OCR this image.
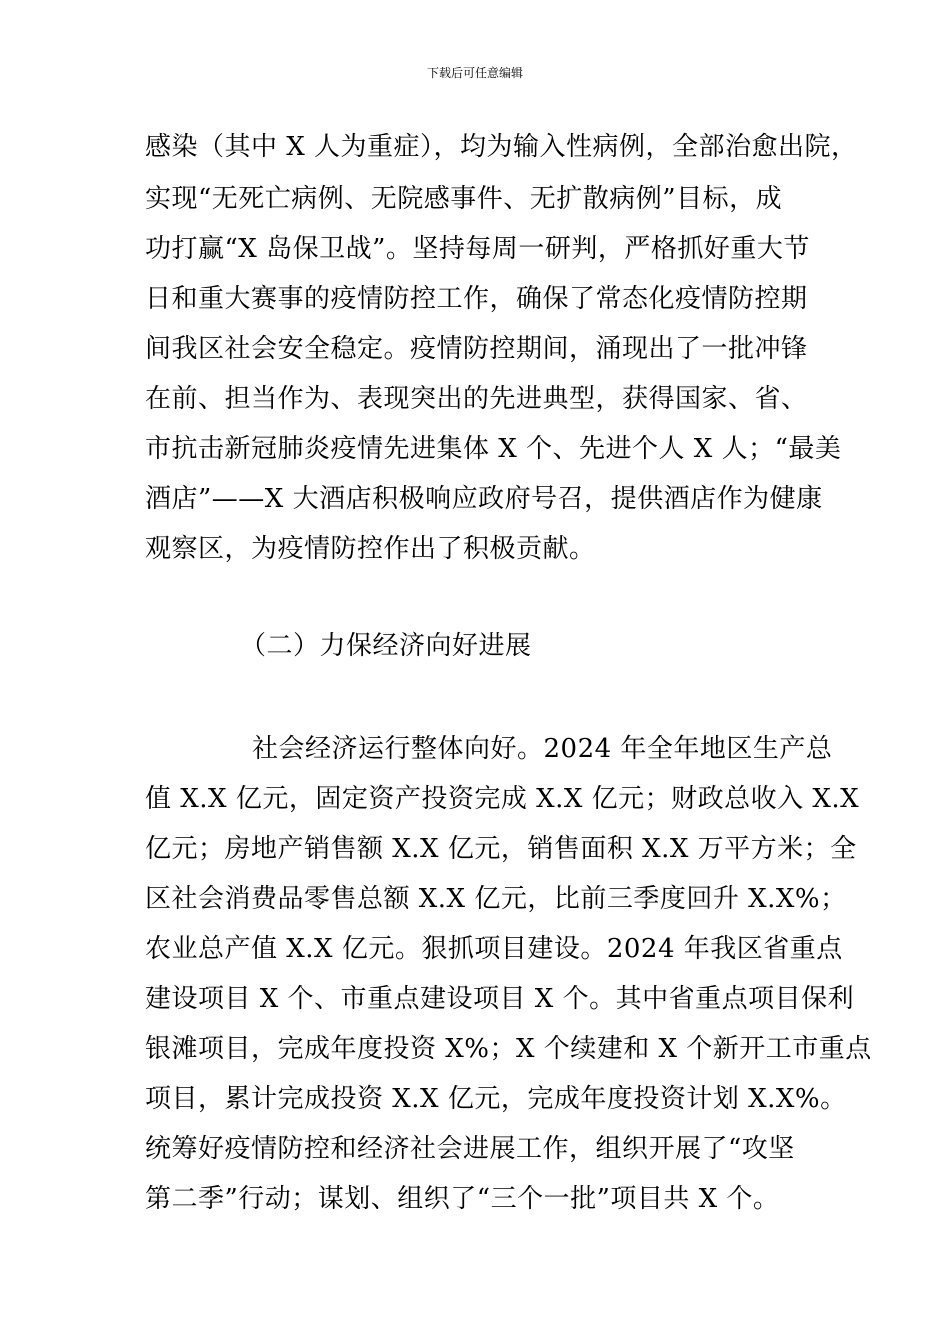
下载后可任意编辑
感染（其中 X 人为重症），均为输入性病例，全部治愈出院，
实现“无死亡病例、无院感事件、无扩散病例”目标，成
功打赢“X 岛保卫战”。坚持每周一研判，严格抓好重大节
日和重大赛事的疫情防控工作，确保了常态化疫情防控期
间我区社会安全稳定。疫情防控期间，涌现出了一批冲锋
在前、担当作为、表现突出的先进典型，获得国家、省、
市抗击新冠肺炎疫情先进集体 X 个、先进个人 X 人；“最美
酒店”——X 大酒店积极响应政府号召，提供酒店作为健康
观察区，为疫情防控作出了积极贡献。
（二）力保经济向好进展
社会经济运行整体向好。2024 年全年地区生产总
值 X.X 亿元，固定资产投资完成 X.X 亿元；财政总收入 X.X
亿元；房地产销售额 X.X 亿元，销售面积 X.X 万平方米；全
区社会消费品零售总额 X.X 亿元，比前三季度回升 X.X%；
农业总产值 X.X 亿元。狠抓项目建设。2024 年我区省重点
建设项目 X 个、市重点建设项目 X 个。其中省重点项目保利
银滩项目，完成年度投资 X%；X 个续建和 X 个新开工市重点
项目，累计完成投资 X.X 亿元，完成年度投资计划 X.X%。
统筹好疫情防控和经济社会进展工作，组织开展了“攻坚
第二季”行动；谋划、组织了“三个一批”项目共 X 个。
